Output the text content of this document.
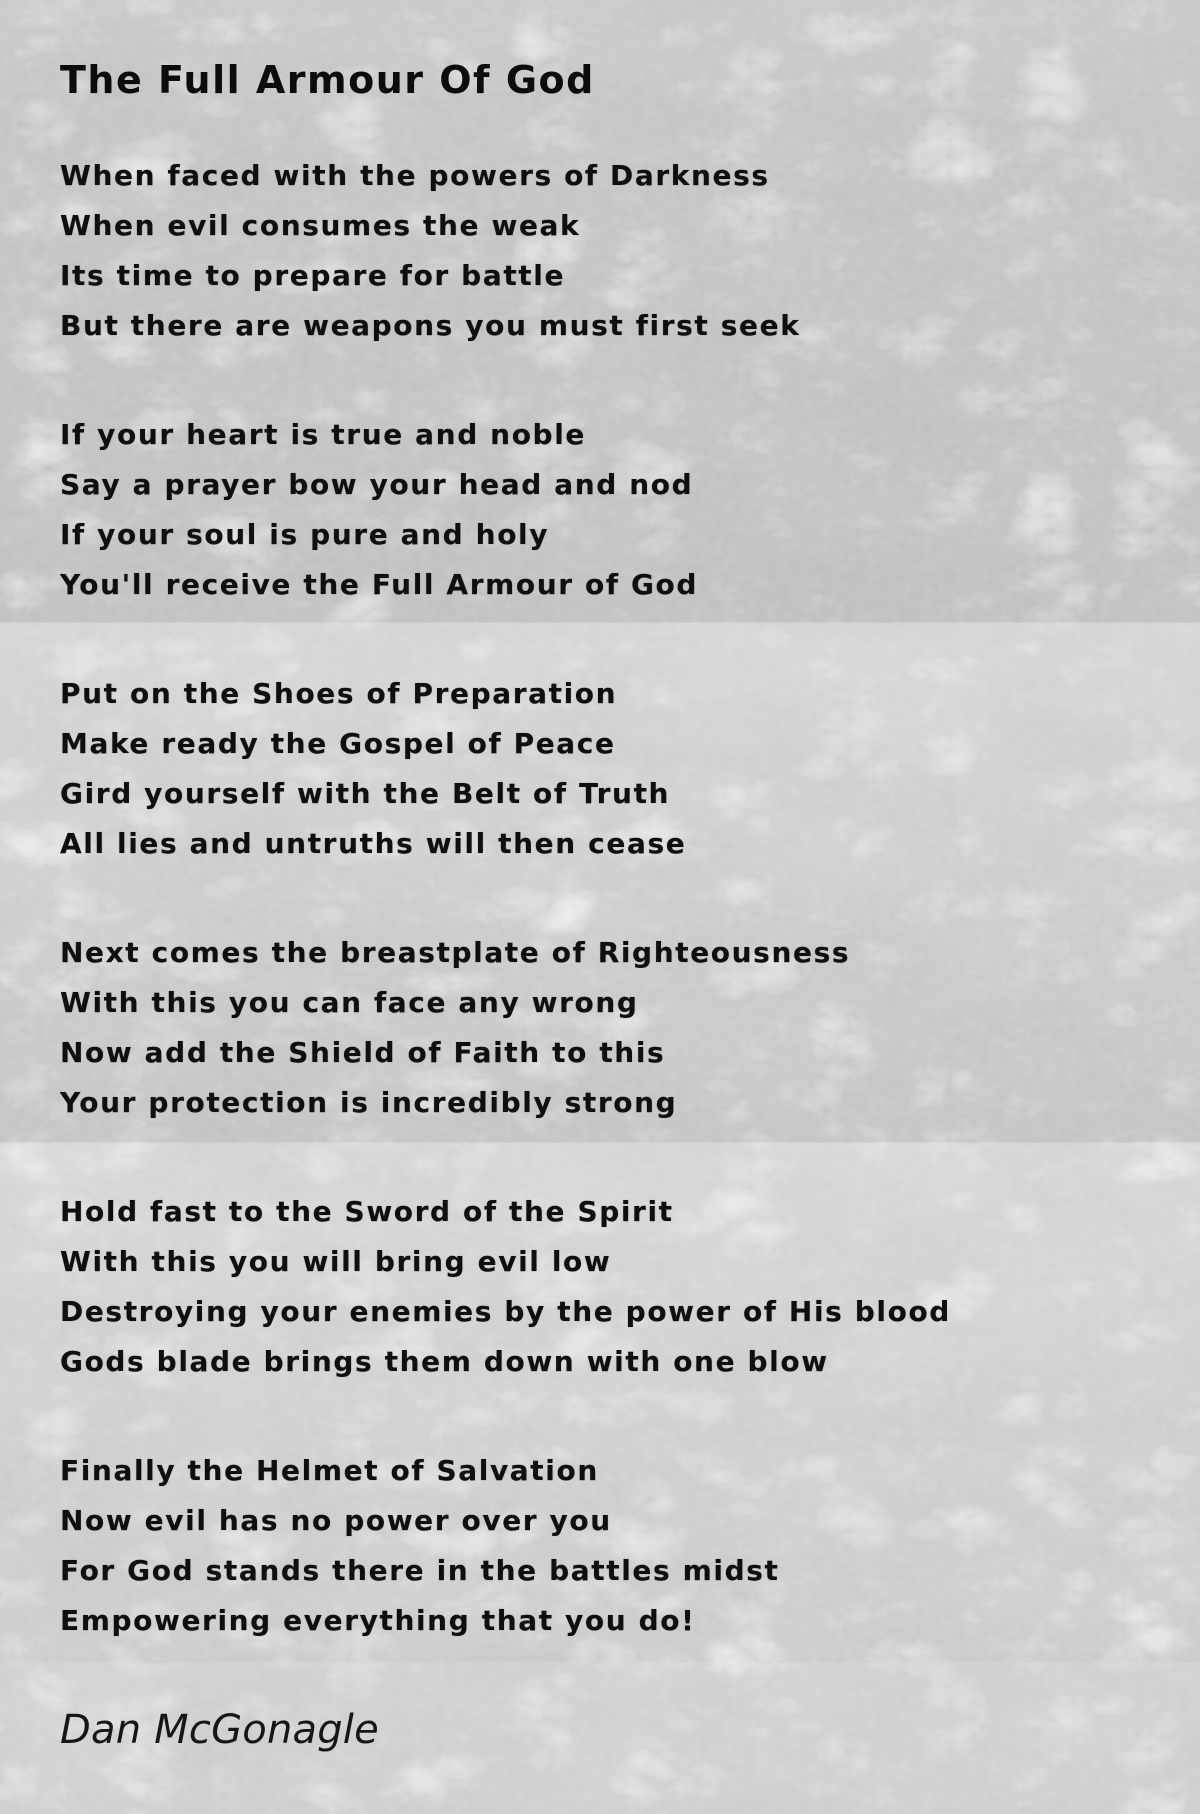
The Full Armour Of God
When faced with the powers of Darkness
When evil consumes the weak
Its time to prepare for battle
But there are weapons you must first seek
If your heart is true and noble
Say a prayer bow your head and nod
If your soul is pure and holy
You'll receive the Full Armour of God
Put on the Shoes of Preparation
Make ready the Gospel of Peace
Gird yourself with the Belt of Truth
All lies and untruths will then cease
Next comes the breastplate of Righteousness
With this you can face any wrong
Now add the Shield of Faith to this
Your protection is incredibly strong
Hold fast to the Sword of the Spirit
With this you will bring evil low
Destroying your enemies by the power of His blood
Gods blade brings them down with one blow
Finally the Helmet of Salvation
Now evil has no power over you
For God stands there in the battles midst
Empowering everything that you do!
Dan McGonagle
